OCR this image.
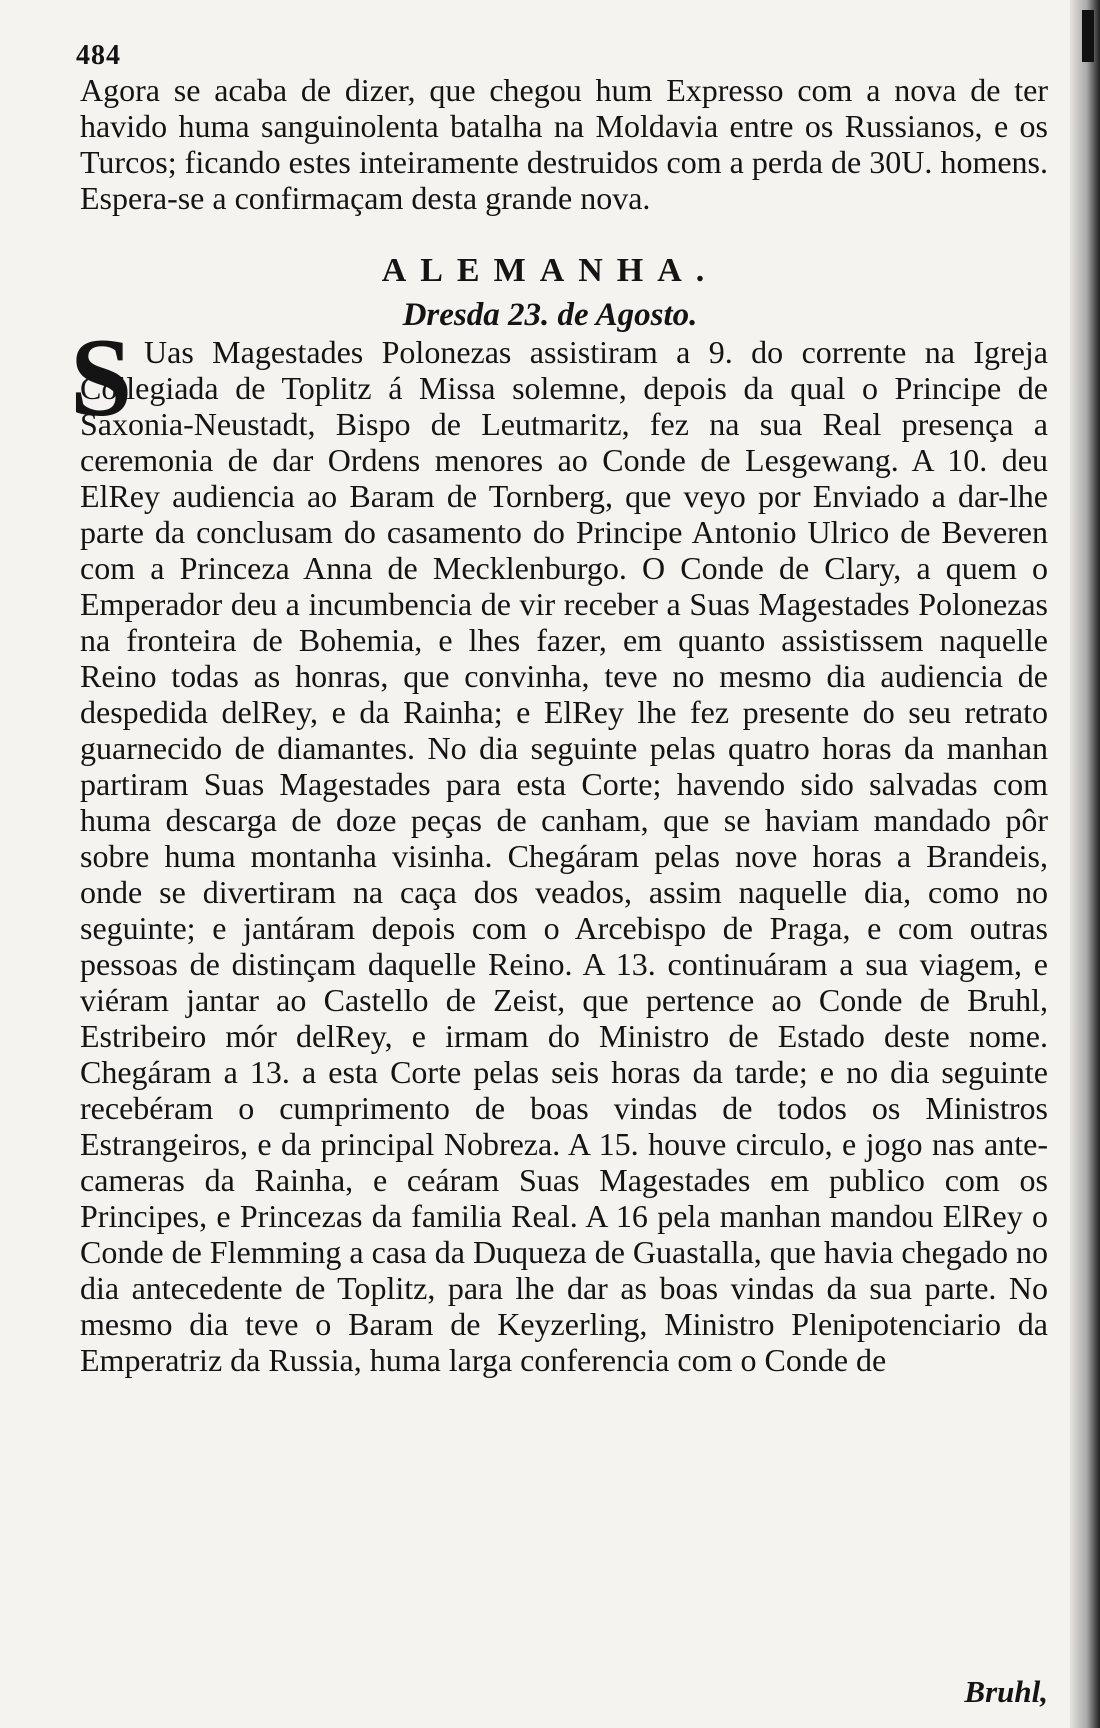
484
Agora se acaba de dizer, que chegou hum Expresso com a nova de ter havido huma sanguinolenta batalha na Moldavia entre os Russianos, e os Turcos; ficando estes inteiramente destruidos com a perda de 30U. homens. Espera-se a confirmaçam desta grande nova.
ALEMANHA.
Dresda 23. de Agosto.
S Uas Magestades Polonezas assistiram a 9. do corrente na Igreja Collegiada de Toplitz á Missa solemne, depois da qual o Principe de Saxonia-Neustadt, Bispo de Leutmaritz, fez na sua Real presença a ceremonia de dar Ordens menores ao Conde de Lesgewang. A 10. deu ElRey audiencia ao Baram de Tornberg, que veyo por Enviado a dar-lhe parte da conclusam do casamento do Principe Antonio Ulrico de Beveren com a Princeza Anna de Mecklenburgo. O Conde de Clary, a quem o Emperador deu a incumbencia de vir receber a Suas Magestades Polonezas na fronteira de Bohemia, e lhes fazer, em quanto assistissem naquelle Reino todas as honras, que convinha, teve no mesmo dia audiencia de despedida delRey, e da Rainha; e ElRey lhe fez presente do seu retrato guarnecido de diamantes. No dia seguinte pelas quatro horas da manhan partiram Suas Magestades para esta Corte; havendo sido salvadas com huma descarga de doze peças de canham, que se haviam mandado pôr sobre huma montanha visinha. Chegáram pelas nove horas a Brandeis, onde se divertiram na caça dos veados, assim naquelle dia, como no seguinte; e jantáram depois com o Arcebispo de Praga, e com outras pessoas de distinçam daquelle Reino. A 13. continuáram a sua viagem, e viéram jantar ao Castello de Zeist, que pertence ao Conde de Bruhl, Estribeiro mór delRey, e irmam do Ministro de Estado deste nome. Chegáram a 13. a esta Corte pelas seis horas da tarde; e no dia seguinte recebéram o cumprimento de boas vindas de todos os Ministros Estrangeiros, e da principal Nobreza. A 15. houve circulo, e jogo nas ante-cameras da Rainha, e ceáram Suas Magestades em publico com os Principes, e Princezas da familia Real. A 16 pela manhan mandou ElRey o Conde de Flemming a casa da Duqueza de Guastalla, que havia chegado no dia antecedente de Toplitz, para lhe dar as boas vindas da sua parte. No mesmo dia teve o Baram de Keyzerling, Ministro Plenipotenciario da Emperatriz da Russia, huma larga conferencia com o Conde de
Bruhl,
